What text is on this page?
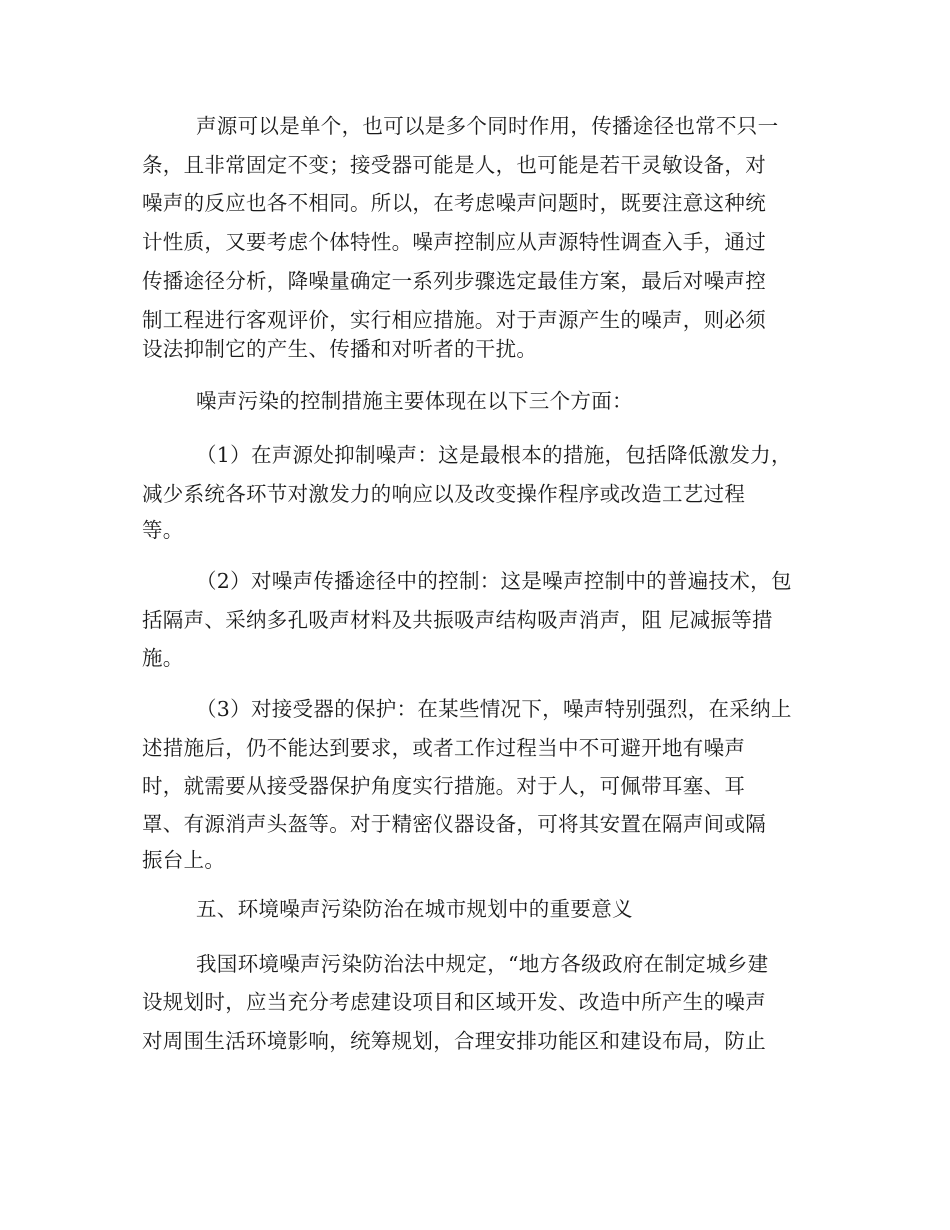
声源可以是单个，也可以是多个同时作用，传播途径也常不只一
条，且非常固定不变；接受器可能是人，也可能是若干灵敏设备，对
噪声的反应也各不相同。所以，在考虑噪声问题时，既要注意这种统
计性质，又要考虑个体特性。噪声控制应从声源特性调查入手，通过
传播途径分析，降噪量确定一系列步骤选定最佳方案，最后对噪声控
制工程进行客观评价，实行相应措施。对于声源产生的噪声，则必须
设法抑制它的产生、传播和对听者的干扰。
噪声污染的控制措施主要体现在以下三个方面：
（1）在声源处抑制噪声：这是最根本的措施，包括降低激发力，
减少系统各环节对激发力的响应以及改变操作程序或改造工艺过程
等。
（2）对噪声传播途径中的控制：这是噪声控制中的普遍技术，包
括隔声、采纳多孔吸声材料及共振吸声结构吸声消声，阻 尼减振等措
施。
（3）对接受器的保护：在某些情况下，噪声特别强烈，在采纳上
述措施后，仍不能达到要求，或者工作过程当中不可避开地有噪声
时，就需要从接受器保护角度实行措施。对于人，可佩带耳塞、耳
罩、有源消声头盔等。对于精密仪器设备，可将其安置在隔声间或隔
振台上。
五、环境噪声污染防治在城市规划中的重要意义
我国环境噪声污染防治法中规定，“地方各级政府在制定城乡建
设规划时，应当充分考虑建设项目和区域开发、改造中所产生的噪声
对周围生活环境影响，统筹规划，合理安排功能区和建设布局，防止
